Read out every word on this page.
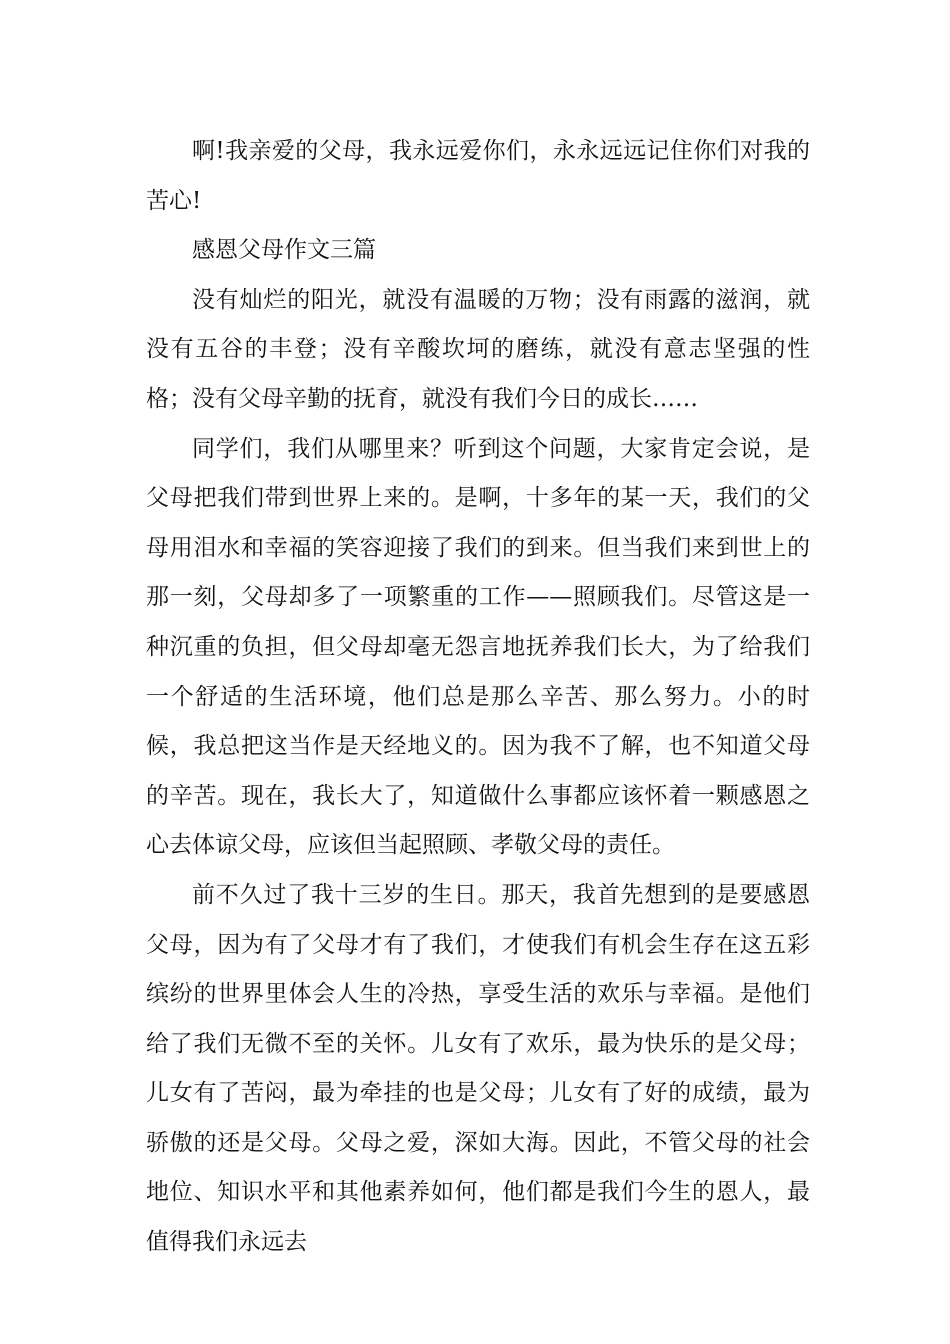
啊!我亲爱的父母，我永远爱你们，永永远远记住你们对我的苦心!

感恩父母作文三篇

没有灿烂的阳光，就没有温暖的万物；没有雨露的滋润，就没有五谷的丰登；没有辛酸坎坷的磨练，就没有意志坚强的性格；没有父母辛勤的抚育，就没有我们今日的成长……

同学们，我们从哪里来？听到这个问题，大家肯定会说，是父母把我们带到世界上来的。是啊，十多年的某一天，我们的父母用泪水和幸福的笑容迎接了我们的到来。但当我们来到世上的那一刻，父母却多了一项繁重的工作——照顾我们。尽管这是一种沉重的负担，但父母却毫无怨言地抚养我们长大，为了给我们一个舒适的生活环境，他们总是那么辛苦、那么努力。小的时候，我总把这当作是天经地义的。因为我不了解，也不知道父母的辛苦。现在，我长大了，知道做什么事都应该怀着一颗感恩之心去体谅父母，应该但当起照顾、孝敬父母的责任。

前不久过了我十三岁的生日。那天，我首先想到的是要感恩父母，因为有了父母才有了我们，才使我们有机会生存在这五彩缤纷的世界里体会人生的冷热，享受生活的欢乐与幸福。是他们给了我们无微不至的关怀。儿女有了欢乐，最为快乐的是父母；儿女有了苦闷，最为牵挂的也是父母；儿女有了好的成绩，最为骄傲的还是父母。父母之爱，深如大海。因此，不管父母的社会地位、知识水平和其他素养如何，他们都是我们今生的恩人，最值得我们永远去
